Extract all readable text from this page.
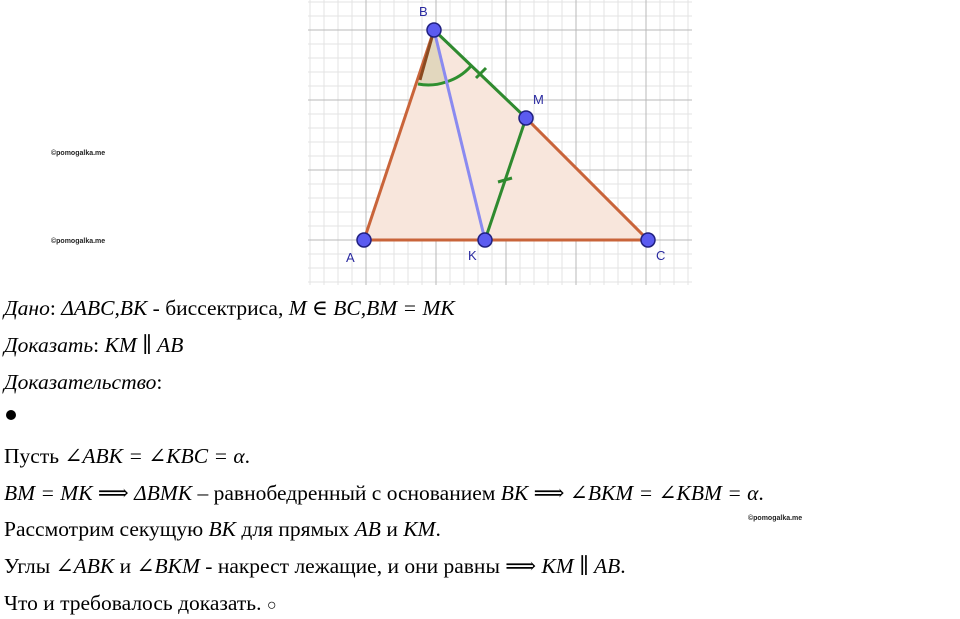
B
M
A	K	C
©pomogalka.me
©pomogalka.me
©pomogalka.me
Дано: ΔABC,BK - биссектриса, M ∈ BC,BM = MK
Доказать: KM ∥ AB
Доказательство:
Пусть ∠ABK = ∠KBC = α.
BM = MK ⟹ ΔBMK – равнобедренный с основанием BK ⟹ ∠BKM = ∠KBM = α.
Рассмотрим секущую BK для прямых AB и KM.
Углы ∠ABK и ∠BKM - накрест лежащие, и они равны ⟹ KM ∥ AB.
Что и требовалось доказать. ○
